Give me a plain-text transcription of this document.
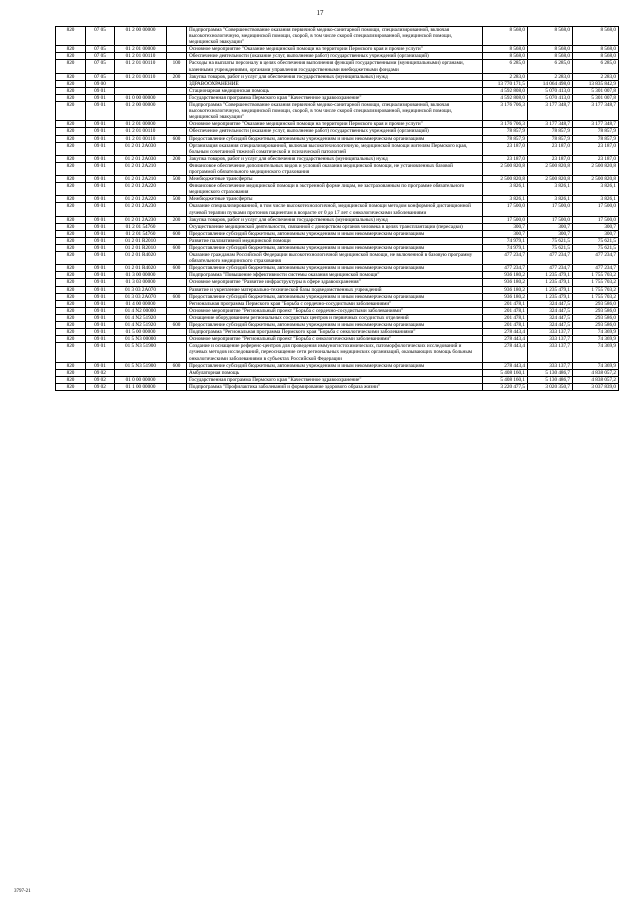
17
820	07 05	01 2 00 00000		Подпрограмма "Совершенствование оказания первичной медико-санитарной помощи, специализированной, включая высокотехнологичную, медицинской помощи, скорой, в том числе скорой специализированной, медицинской помощи, медицинской эвакуации"	8 568,0	8 568,0	8 568,0
820	07 05	01 2 01 00000		Основное мероприятие "Оказание медицинской помощи на территории Пермского края и прочие услуги"	8 568,0	8 568,0	8 568,0
820	07 05	01 2 01 00110		Обеспечение деятельности (оказание услуг, выполнение работ) государственных учреждений (организаций)	8 568,0	8 568,0	8 568,0
820	07 05	01 2 01 00110	100	Расходы на выплаты персоналу в целях обеспечения выполнения функций государственными (муниципальными) органами, казенными учреждениями, органами управления государственными внебюджетными фондами	6 285,0	6 285,0	6 285,0
820	07 05	01 2 01 00110	200	Закупка товаров, работ и услуг для обеспечения государственных (муниципальных) нужд	2 283,0	2 283,0	2 283,0
820	09 00			ЗДРАВООХРАНЕНИЕ	13 770 171,5	14 064 498,0	13 835 842,9
820	09 01			Стационарная медицинская помощь	4 592 808,0	5 070 413,0	5 301 007,8
820	09 01	01 0 00 00000		Государственная программа Пермского края "Качественное здравоохранение"	4 592 808,0	5 070 413,0	5 301 007,8
820	09 01	01 2 00 00000		Подпрограмма "Совершенствование оказания первичной медико-санитарной помощи, специализированной, включая высокотехнологичную, медицинской помощи, скорой, в том числе скорой специализированной, медицинской помощи, медицинской эвакуации"	3 176 706,3	3 177 348,7	3 177 348,7
820	09 01	01 2 01 00000		Основное мероприятие "Оказание медицинской помощи на территории Пермского края и прочие услуги"	3 176 706,3	3 177 348,7	3 177 348,7
820	09 01	01 2 01 00110		Обеспечение деятельности (оказание услуг, выполнение работ) государственных учреждений (организаций)	78 857,9	78 857,9	78 857,9
820	09 01	01 2 01 00110	600	Предоставление субсидий бюджетным, автономным учреждениям и иным некоммерческим организациям	78 857,9	78 857,9	78 857,9
820	09 01	01 2 01 2А030		Организация оказания специализированной, включая высокотехнологичную, медицинской помощи жителям Пермского края, больным сочетанной тяжелой соматической и психической патологией	23 187,0	23 187,0	23 187,0
820	09 01	01 2 01 2А030	200	Закупка товаров, работ и услуг для обеспечения государственных (муниципальных) нужд	23 187,0	23 187,0	23 187,0
820	09 01	01 2 01 2А210		Финансовое обеспечение дополнительных видов и условий оказания медицинской помощи, не установленных базовой программой обязательного медицинского страхования	2 500 820,8	2 500 820,8	2 500 820,8
820	09 01	01 2 01 2А210	500	Межбюджетные трансферты	2 500 820,8	2 500 820,8	2 500 820,8
820	09 01	01 2 01 2А220		Финансовое обеспечение медицинской помощи в экстренной форме лицам, не застрахованным по программе обязательного медицинского страхования	3 826,1	3 826,1	3 826,1
820	09 01	01 2 01 2А220	500	Межбюджетные трансферты	3 826,1	3 826,1	3 826,1
820	09 01	01 2 01 2А230		Оказание специализированной, в том числе высокотехнологичной, медицинской помощи методом конформной дистанционной лучевой терапии пучками протонов пациентам в возрасте от 0 до 17 лет с онкологическими заболеваниями	17 500,0	17 500,0	17 500,0
820	09 01	01 2 01 2А230	200	Закупка товаров, работ и услуг для обеспечения государственных (муниципальных) нужд	17 500,0	17 500,0	17 500,0
820	09 01	01 2 01 54760		Осуществление медицинской деятельности, связанной с донорством органов человека в целях трансплантации (пересадки)	300,7	300,7	300,7
820	09 01	01 2 01 54760	600	Предоставление субсидий бюджетным, автономным учреждениям и иным некоммерческим организациям	300,7	300,7	300,7
820	09 01	01 2 01 R2010		Развитие паллиативной медицинской помощи	74 979,1	75 621,5	75 621,5
820	09 01	01 2 01 R2010	600	Предоставление субсидий бюджетным, автономным учреждениям и иным некоммерческим организациям	74 979,1	75 621,5	75 621,5
820	09 01	01 2 01 R4020		Оказание гражданам Российской Федерации высокотехнологичной медицинской помощи, не включенной в базовую программу обязательного медицинского страхования	477 234,7	477 234,7	477 234,7
820	09 01	01 2 01 R4020	600	Предоставление субсидий бюджетным, автономным учреждениям и иным некоммерческим организациям	477 234,7	477 234,7	477 234,7
820	09 01	01 3 00 00000		Подпрограмма "Повышение эффективности системы оказания медицинской помощи"	936 180,2	1 235 479,1	1 755 703,2
820	09 01	01 3 03 00000		Основное мероприятие "Развитие инфраструктуры в сфере здравоохранения"	936 180,2	1 235 479,1	1 755 703,2
820	09 01	01 3 03 2А070		Развитие и укрепление материально-технической базы подведомственных учреждений	936 180,2	1 235 479,1	1 755 703,2
820	09 01	01 3 03 2А070	600	Предоставление субсидий бюджетным, автономным учреждениям и иным некоммерческим организациям	936 180,2	1 235 479,1	1 755 703,2
820	09 01	01 4 00 00000		Региональная программа Пермского края "Борьба с сердечно-сосудистыми заболеваниями"	201 478,1	324 447,5	293 586,0
820	09 01	01 4 N2 00000		Основное мероприятие "Региональный проект "Борьба с сердечно-сосудистыми заболеваниями"	201 478,1	324 447,5	293 586,0
820	09 01	01 4 N2 51920		Оснащение оборудованием региональных сосудистых центров и первичных сосудистых отделений	201 478,1	324 447,5	293 586,0
820	09 01	01 4 N2 51920	600	Предоставление субсидий бюджетным, автономным учреждениям и иным некоммерческим организациям	201 478,1	324 447,5	293 586,0
820	09 01	01 5 00 00000		Подпрограмма "Региональная программа Пермского края "Борьба с онкологическими заболеваниями"	278 443,4	333 137,7	74 369,9
820	09 01	01 5 N3 00000		Основное мероприятие "Региональный проект "Борьба с онкологическими заболеваниями"	278 443,4	333 137,7	74 369,9
820	09 01	01 5 N3 51900		Создание и оснащение референс-центров для проведения иммуногистохимических, патоморфологических исследований и лучевых методов исследований, переоснащение сети региональных медицинских организаций, оказывающих помощь больным онкологическими заболеваниями в субъектах Российской Федерации	278 443,4	333 137,7	74 369,9
820	09 01	01 5 N3 51900	600	Предоставление субсидий бюджетным, автономным учреждениям и иным некоммерческим организациям	278 443,4	333 137,7	74 369,9
820	09 02			Амбулаторная помощь	5 408 160,1	5 130 486,7	4 838 057,2
820	09 02	01 0 00 00000		Государственная программа Пермского края "Качественное здравоохранение"	5 408 160,1	5 130 486,7	4 838 057,2
820	09 02	01 1 00 00000		Подпрограмма "Профилактика заболеваний и формирование здорового образа жизни"	3 220 477,5	3 020 350,7	3 037 839,0
3797-21
